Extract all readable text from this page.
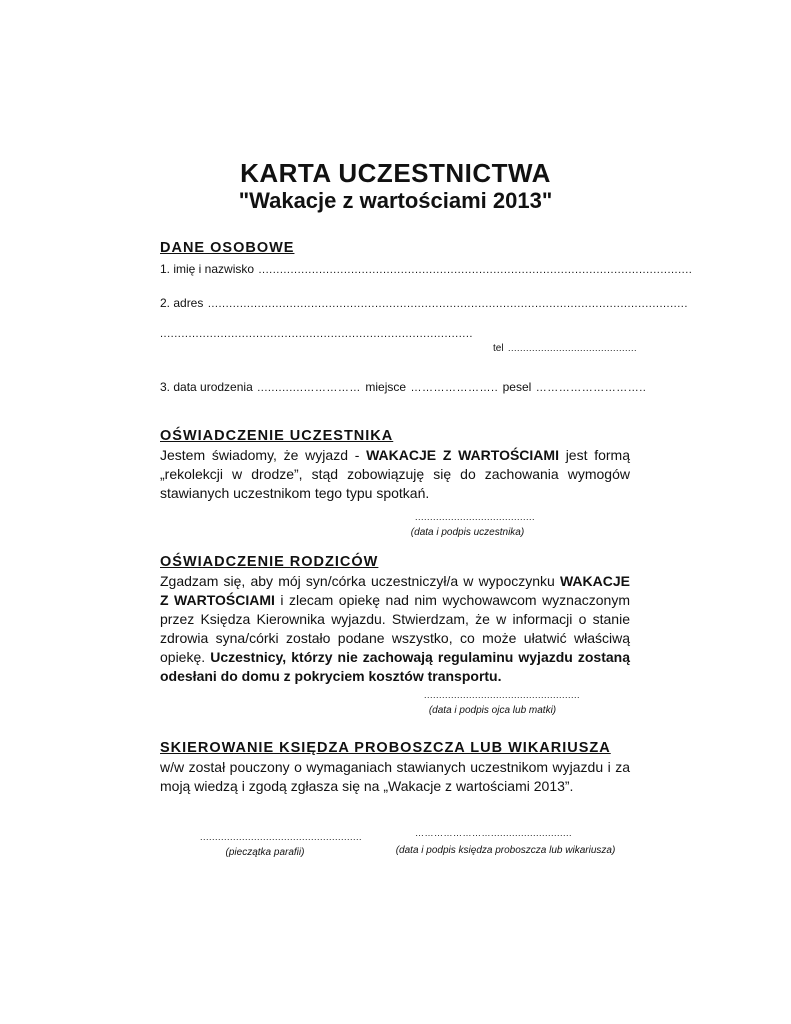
KARTA UCZESTNICTWA
"Wakacje z wartościami 2013"
DANE OSOBOWE
1. imię i nazwisko ..........................................................................................................................
2. adres .......................................................................................................................................
........................................................................................
tel ...........................................
3. data urodzenia .............…………… miejsce ………………….. pesel ………………………..
OŚWIADCZENIE UCZESTNIKA
Jestem świadomy, że wyjazd - WAKACJE Z WARTOŚCIAMI jest formą „rekolekcji w drodze”, stąd zobowiązuję się do zachowania wymogów stawianych uczestnikom tego typu spotkań.
........................................
(data i podpis uczestnika)
OŚWIADCZENIE RODZICÓW
Zgadzam się, aby mój syn/córka uczestniczył/a w wypoczynku WAKACJE Z WARTOŚCIAMI i zlecam opiekę nad nim wychowawcom wyznaczonym przez Księdza Kierownika wyjazdu. Stwierdzam, że w informacji o stanie zdrowia syna/córki zostało podane wszystko, co może ułatwić właściwą opiekę. Uczestnicy, którzy nie zachowają regulaminu wyjazdu zostaną odesłani do domu z pokryciem kosztów transportu.
....................................................
(data i podpis ojca lub matki)
SKIEROWANIE KSIĘDZA PROBOSZCZA LUB WIKARIUSZA
w/w został pouczony o wymaganiach stawianych uczestnikom wyjazdu i za moją wiedzą i zgodą zgłasza się na „Wakacje z wartościami 2013”.
......................................................
(pieczątka parafii)
……………………...........................
(data i podpis księdza proboszcza lub wikariusza)
